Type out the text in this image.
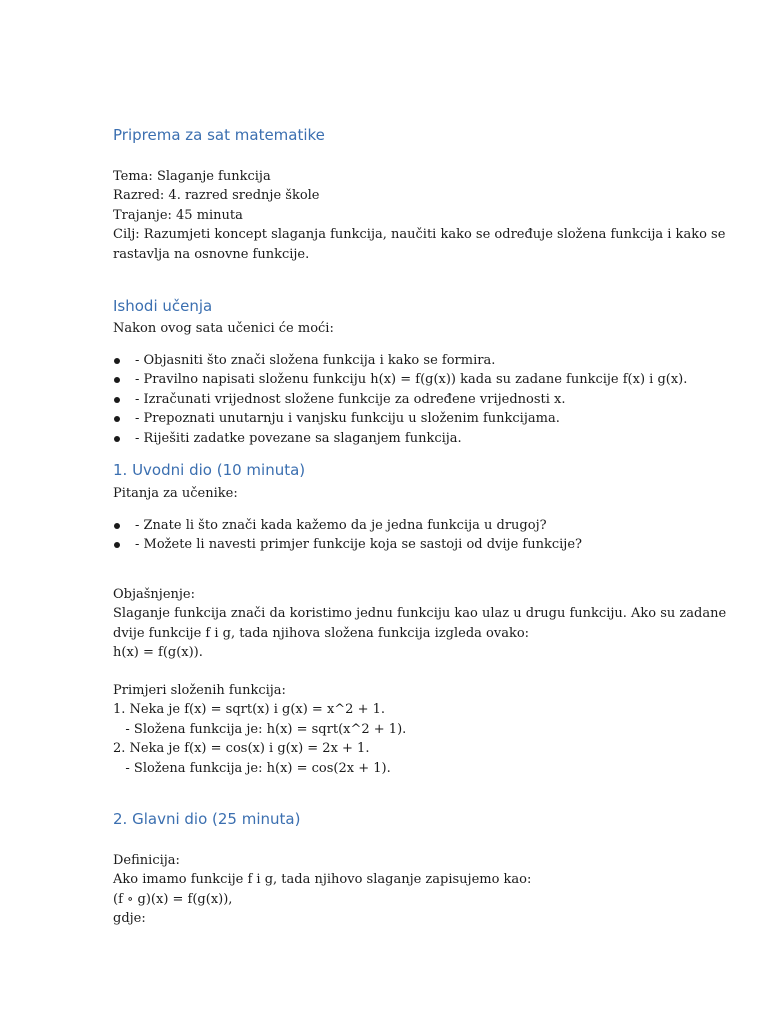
Priprema za sat matematike
Tema: Slaganje funkcija
Razred: 4. razred srednje škole
Trajanje: 45 minuta
Cilj: Razumjeti koncept slaganja funkcija, naučiti kako se određuje složena funkcija i kako se
rastavlja na osnovne funkcije.
Ishodi učenja
Nakon ovog sata učenici će moći:
- Objasniti što znači složena funkcija i kako se formira.
- Pravilno napisati složenu funkciju h(x) = f(g(x)) kada su zadane funkcije f(x) i g(x).
- Izračunati vrijednost složene funkcije za određene vrijednosti x.
- Prepoznati unutarnju i vanjsku funkciju u složenim funkcijama.
- Riješiti zadatke povezane sa slaganjem funkcija.
1. Uvodni dio (10 minuta)
Pitanja za učenike:
- Znate li što znači kada kažemo da je jedna funkcija u drugoj?
- Možete li navesti primjer funkcije koja se sastoji od dvije funkcije?
Objašnjenje:
Slaganje funkcija znači da koristimo jednu funkciju kao ulaz u drugu funkciju. Ako su zadane
dvije funkcije f i g, tada njihova složena funkcija izgleda ovako:
h(x) = f(g(x)).
Primjeri složenih funkcija:
1. Neka je f(x) = sqrt(x) i g(x) = x^2 + 1.
- Složena funkcija je: h(x) = sqrt(x^2 + 1).
2. Neka je f(x) = cos(x) i g(x) = 2x + 1.
- Složena funkcija je: h(x) = cos(2x + 1).
2. Glavni dio (25 minuta)
Definicija:
Ako imamo funkcije f i g, tada njihovo slaganje zapisujemo kao:
(f ∘ g)(x) = f(g(x)),
gdje:
